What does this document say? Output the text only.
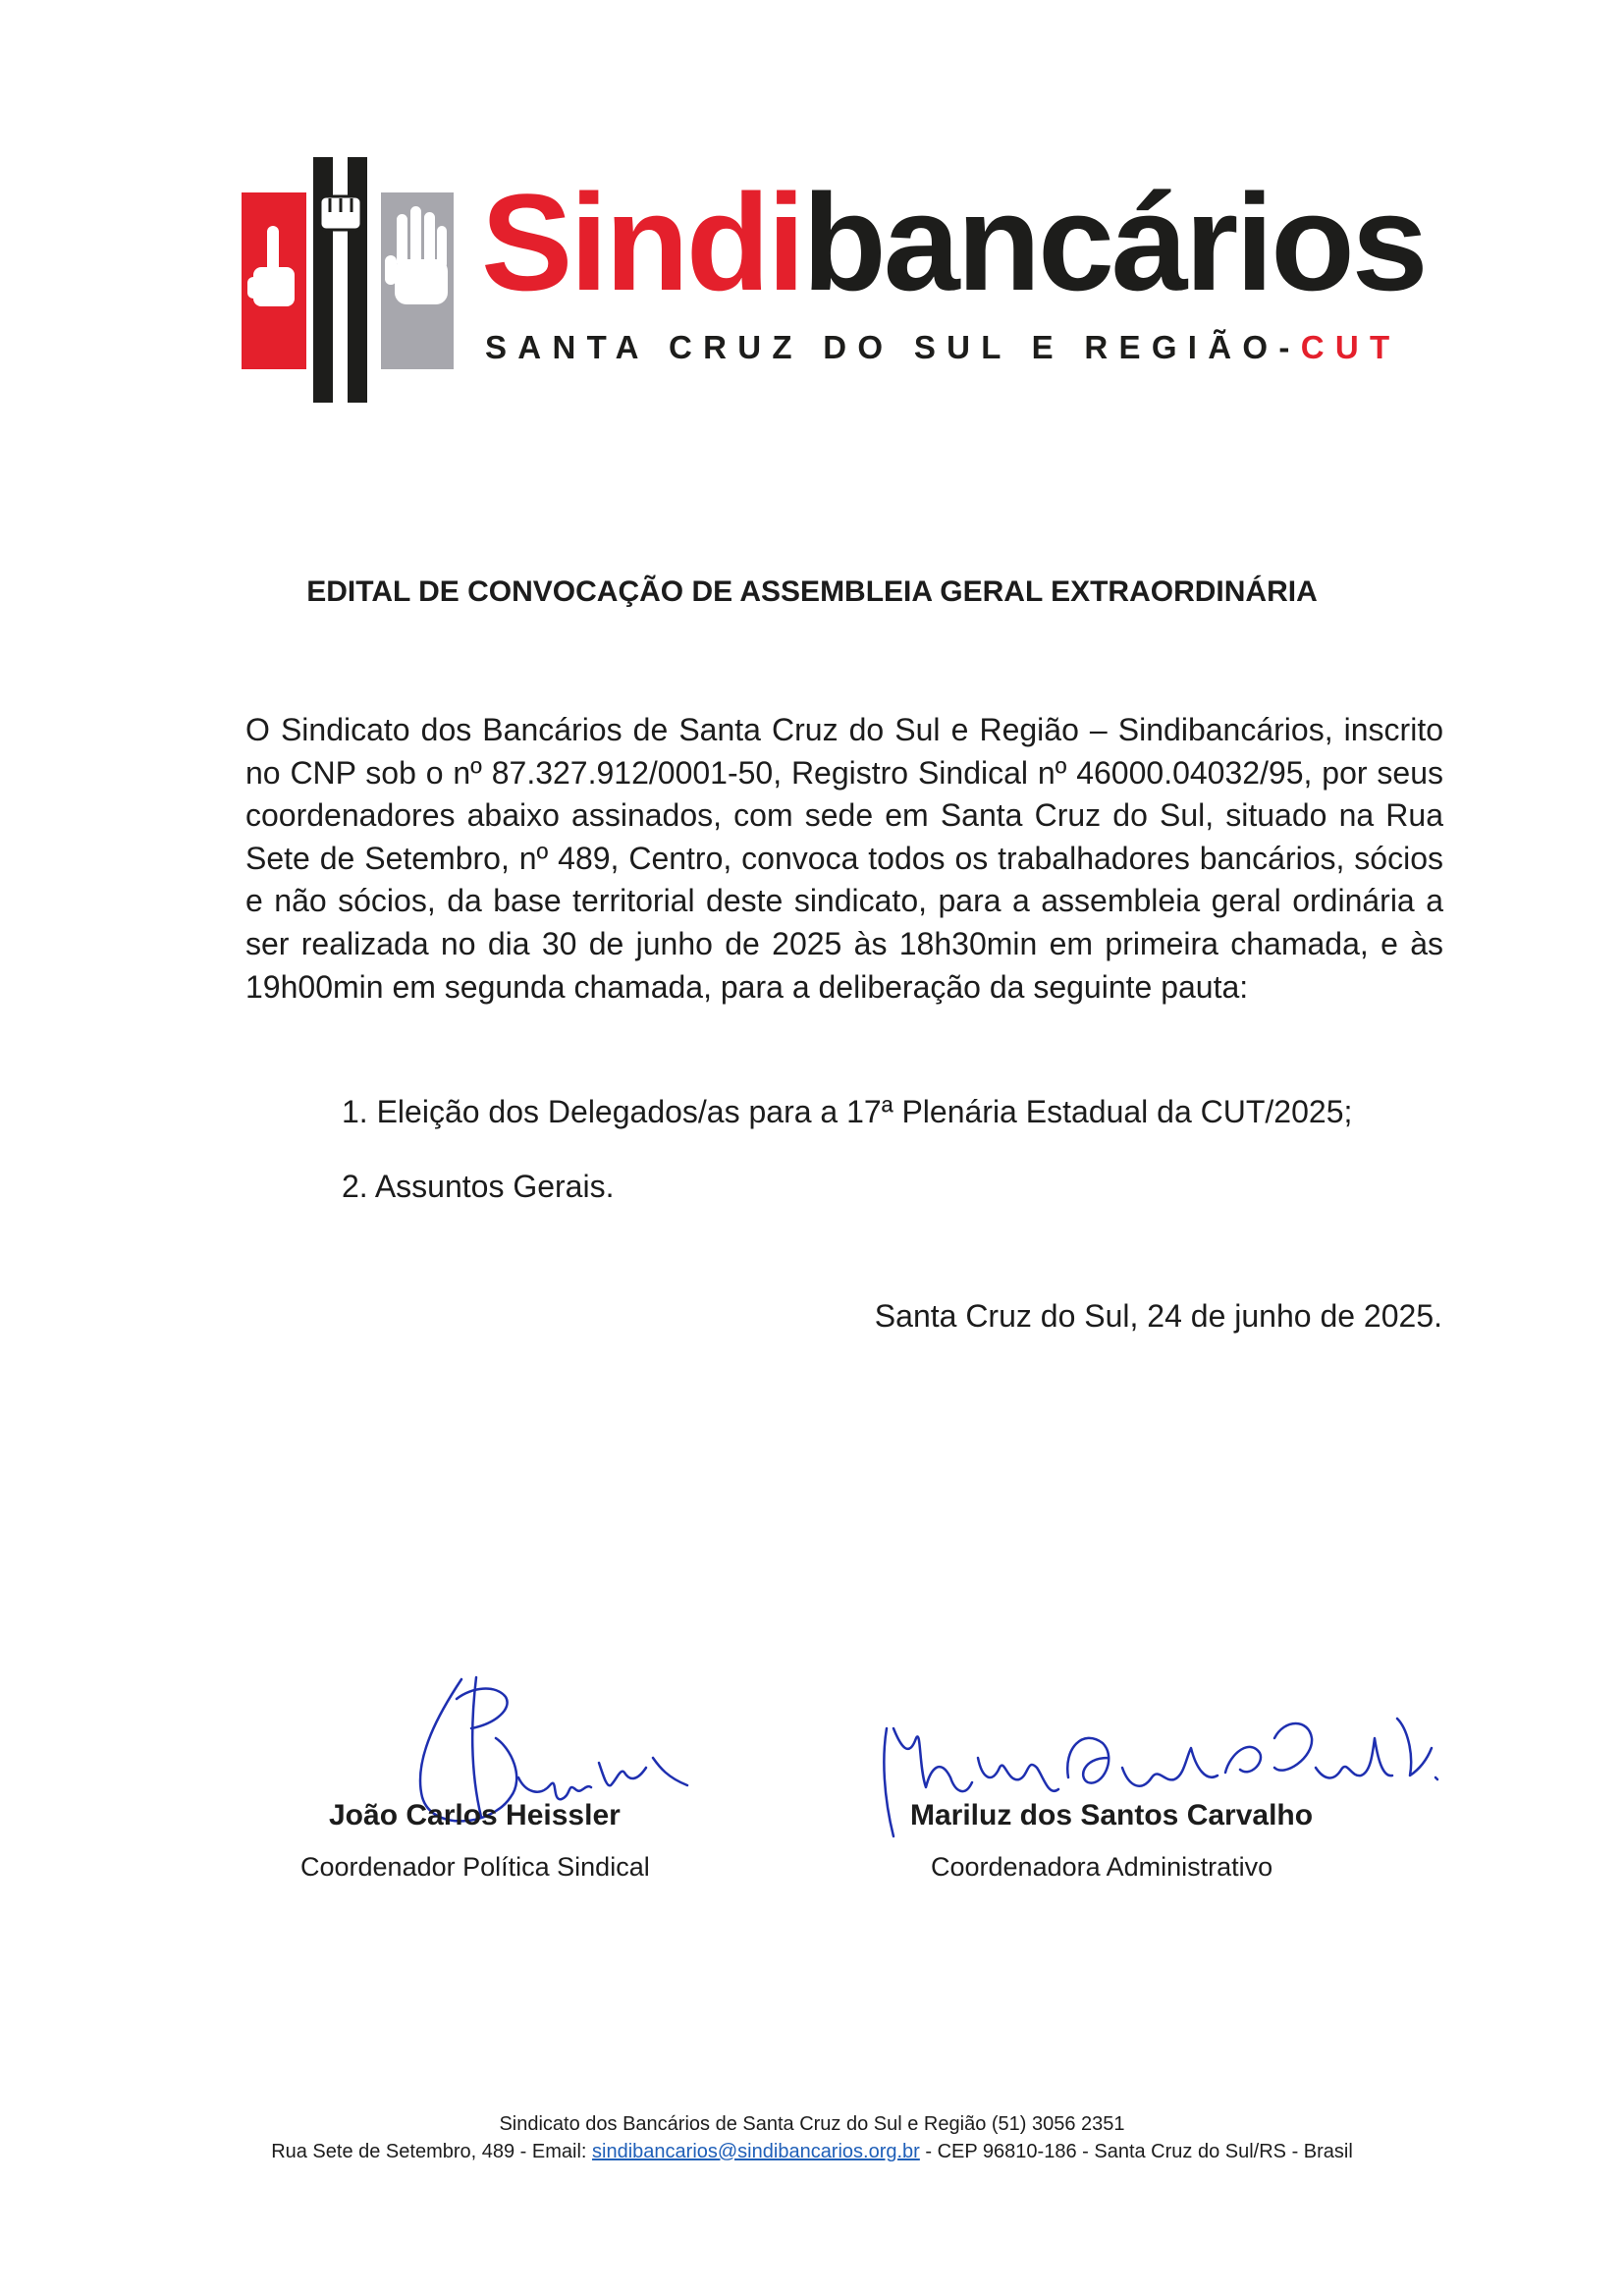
Sindibancários
SANTA CRUZ DO SUL E REGIÃO-CUT
EDITAL DE CONVOCAÇÃO DE ASSEMBLEIA GERAL EXTRAORDINÁRIA

O Sindicato dos Bancários de Santa Cruz do Sul e Região – Sindibancários, inscrito no CNP sob o nº 87.327.912/0001-50, Registro Sindical nº 46000.04032/95, por seus coordenadores abaixo assinados, com sede em Santa Cruz do Sul, situado na Rua Sete de Setembro, nº 489, Centro, convoca todos os trabalhadores bancários, sócios e não sócios, da base territorial deste sindicato, para a assembleia geral ordinária a ser realizada no dia 30 de junho de 2025 às 18h30min em primeira chamada, e às 19h00min em segunda chamada, para a deliberação da seguinte pauta:

1. Eleição dos Delegados/as para a 17ª Plenária Estadual da CUT/2025;
2. Assuntos Gerais.
Santa Cruz do Sul, 24 de junho de 2025.
João Carlos Heissler
Coordenador Política Sindical
Mariluz dos Santos Carvalho
Coordenadora Administrativo
Sindicato dos Bancários de Santa Cruz do Sul e Região (51) 3056 2351
Rua Sete de Setembro, 489 - Email: sindibancarios@sindibancarios.org.br - CEP 96810-186 - Santa Cruz do Sul/RS - Brasil
